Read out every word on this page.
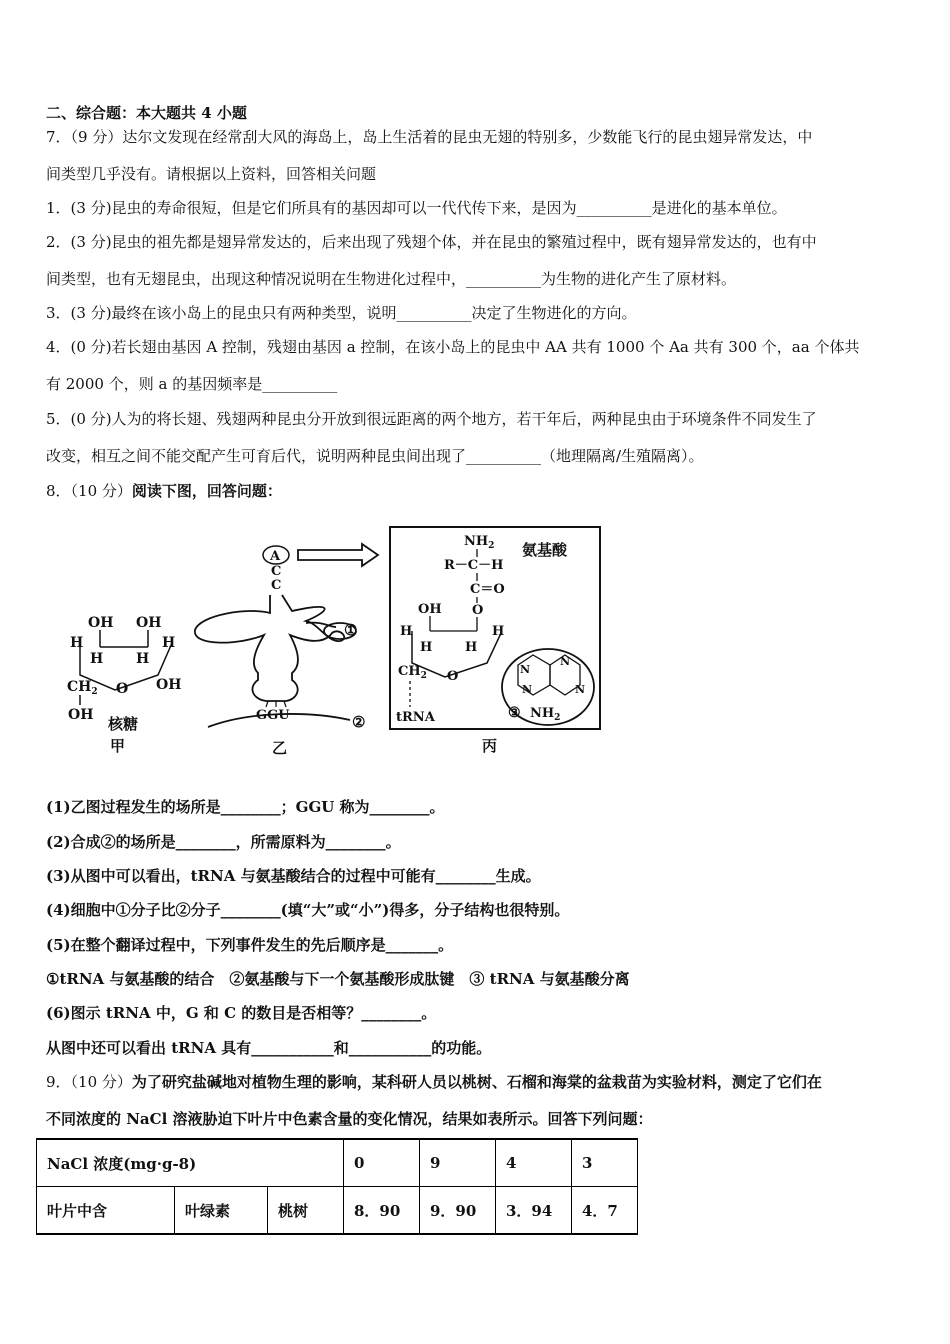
二、综合题：本大题共 4 小题
7．（9 分）达尔文发现在经常刮大风的海岛上，岛上生活着的昆虫无翅的特别多，少数能飞行的昆虫翅异常发达，中
间类型几乎没有。请根据以上资料，回答相关问题
1．(3 分)昆虫的寿命很短，但是它们所具有的基因却可以一代代传下来，是因为__________是进化的基本单位。
2．(3 分)昆虫的祖先都是翅异常发达的，后来出现了残翅个体，并在昆虫的繁殖过程中，既有翅异常发达的，也有中
间类型，也有无翅昆虫，出现这种情况说明在生物进化过程中，__________为生物的进化产生了原材料。
3．(3 分)最终在该小岛上的昆虫只有两种类型，说明__________决定了生物进化的方向。
4．(0 分)若长翅由基因 A 控制，残翅由基因 a 控制，在该小岛上的昆虫中 AA 共有 1000 个 Aa 共有 300 个，aa 个体共
有 2000 个，则 a 的基因频率是__________
5．(0 分)人为的将长翅、残翅两种昆虫分开放到很远距离的两个地方，若干年后，两种昆虫由于环境条件不同发生了
改变，相互之间不能交配产生可育后代，说明两种昆虫间出现了__________（地理隔离/生殖隔离）。
8．（10 分）阅读下图，回答问题：
OH OH
H	H
H H
$CH_2$ O OH
OH 核糖
甲
A
C
C
①
GGU	②
乙
$NH_2$ 氨基酸
R－C－H
C＝O
O
OH
H	H
H	H
$CH_2$ O
tRNA
N
N
N
N
③ $NH_2$
丙
(1)乙图过程发生的场所是________；GGU 称为________。
(2)合成②的场所是________，所需原料为________。
(3)从图中可以看出，tRNA 与氨基酸结合的过程中可能有________生成。
(4)细胞中①分子比②分子________(填“大”或“小”)得多，分子结构也很特别。
(5)在整个翻译过程中，下列事件发生的先后顺序是_______。
①tRNA 与氨基酸的结合　②氨基酸与下一个氨基酸形成肽键　③ tRNA 与氨基酸分离
(6)图示 tRNA 中，G 和 C 的数目是否相等？________。
从图中还可以看出 tRNA 具有___________和___________的功能。
9．（10 分）为了研究盐碱地对植物生理的影响，某科研人员以桃树、石榴和海棠的盆栽苗为实验材料，测定了它们在
不同浓度的 NaCl 溶液胁迫下叶片中色素含量的变化情况，结果如表所示。回答下列问题：
NaCl 浓度(mg·g-8)			0	9	4	3
叶片中含	叶绿素	桃树	8．90	9．90	3．94	4．7
